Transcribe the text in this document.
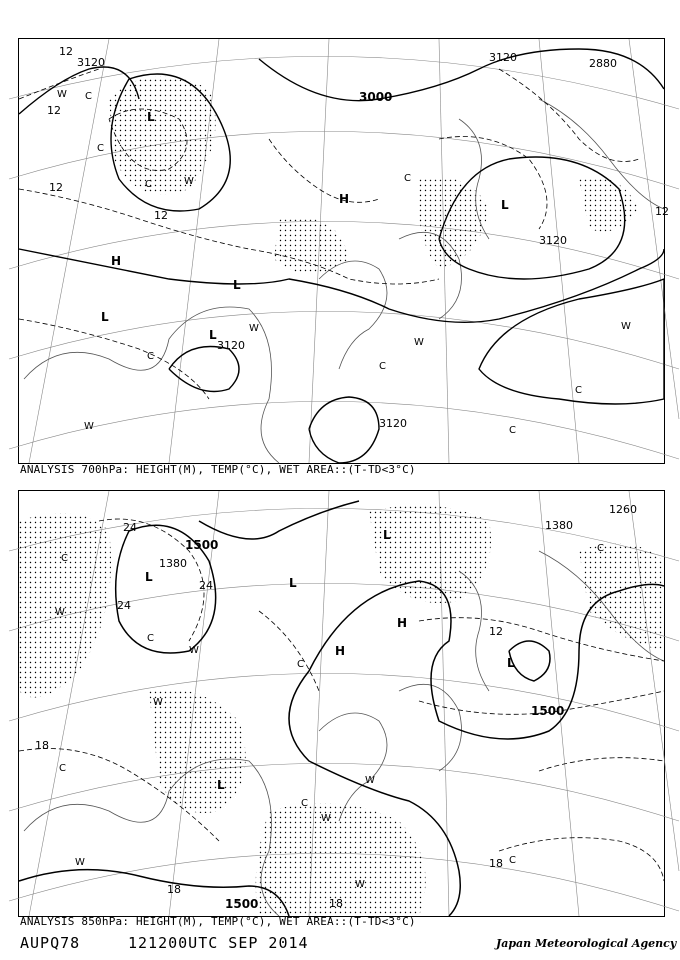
3120
3000
2880
3120
3120
3120
3120
12
12
12
12	12
H
H
L
L
L
L
L
W
W
W
W
W
W
C
C
C
C
C
C
C
C
ANALYSIS 700hPa: HEIGHT(M), TEMP(°C), WET AREA::(T-TD<3°C)
1500
1380
1380
1260
1500
1500
24
24
24
12
18
18
18
18
H
H
L	L
L
L
L
W
W
W
W
W
W
W
C
C
C
C
C
C
C
ANALYSIS 850hPa: HEIGHT(M), TEMP(°C), WET AREA::(T-TD<3°C)
AUPQ78	121200UTC SEP 2014	Japan Meteorological Agency
